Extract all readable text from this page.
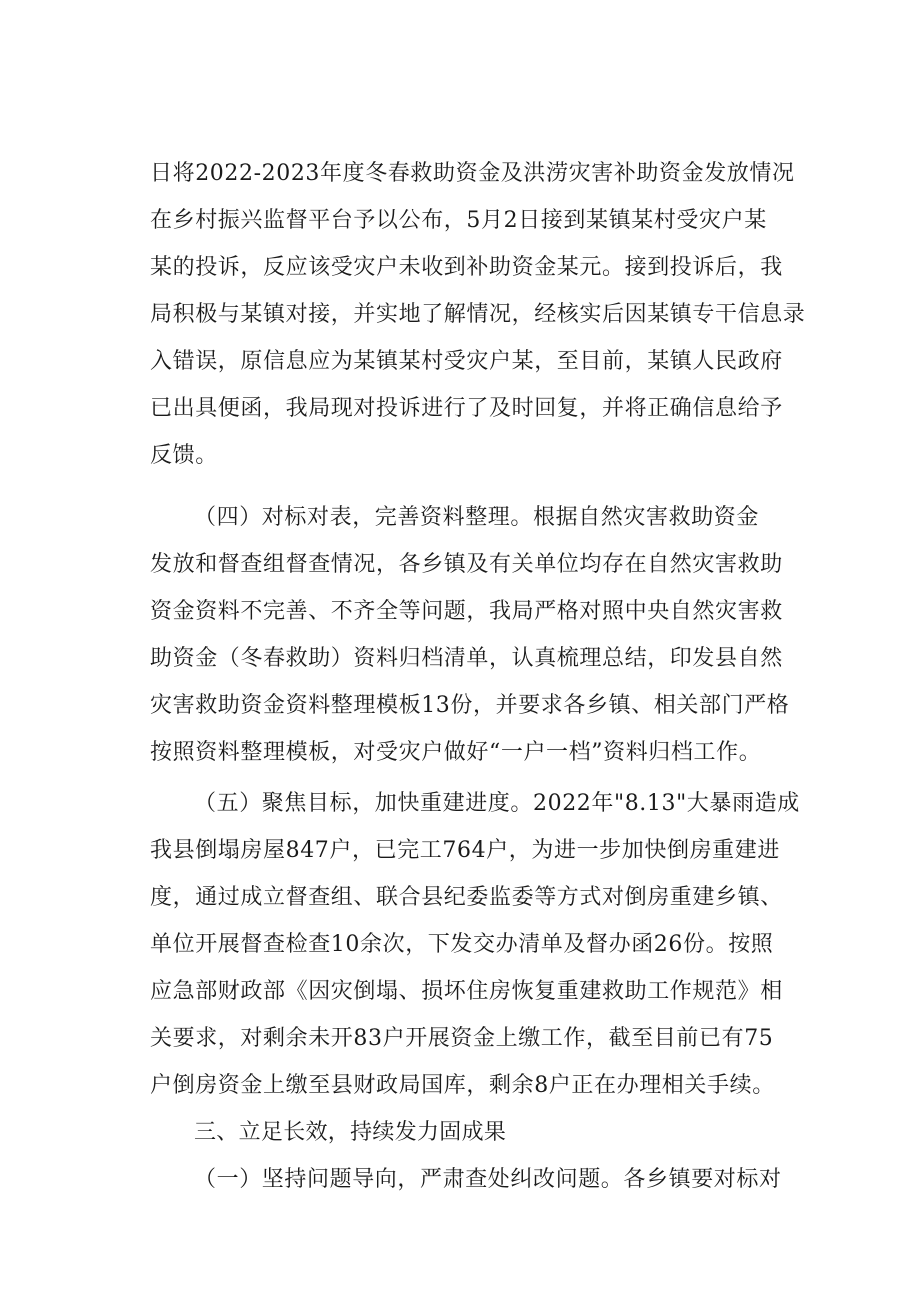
日将2022-2023年度冬春救助资金及洪涝灾害补助资金发放情况
在乡村振兴监督平台予以公布，5月2日接到某镇某村受灾户某
某的投诉，反应该受灾户未收到补助资金某元。接到投诉后，我
局积极与某镇对接，并实地了解情况，经核实后因某镇专干信息录
入错误，原信息应为某镇某村受灾户某，至目前，某镇人民政府
已出具便函，我局现对投诉进行了及时回复，并将正确信息给予
反馈。
（四）对标对表，完善资料整理。根据自然灾害救助资金
发放和督查组督查情况，各乡镇及有关单位均存在自然灾害救助
资金资料不完善、不齐全等问题，我局严格对照中央自然灾害救
助资金（冬春救助）资料归档清单，认真梳理总结，印发县自然
灾害救助资金资料整理模板13份，并要求各乡镇、相关部门严格
按照资料整理模板，对受灾户做好“一户一档”资料归档工作。
（五）聚焦目标，加快重建进度。2022年"8.13"大暴雨造成
我县倒塌房屋847户，已完工764户，为进一步加快倒房重建进
度，通过成立督查组、联合县纪委监委等方式对倒房重建乡镇、
单位开展督查检查10余次，下发交办清单及督办函26份。按照
应急部财政部《因灾倒塌、损坏住房恢复重建救助工作规范》相
关要求，对剩余未开83户开展资金上缴工作，截至目前已有75
户倒房资金上缴至县财政局国库，剩余8户正在办理相关手续。
三、立足长效，持续发力固成果
（一）坚持问题导向，严肃查处纠改问题。各乡镇要对标对
